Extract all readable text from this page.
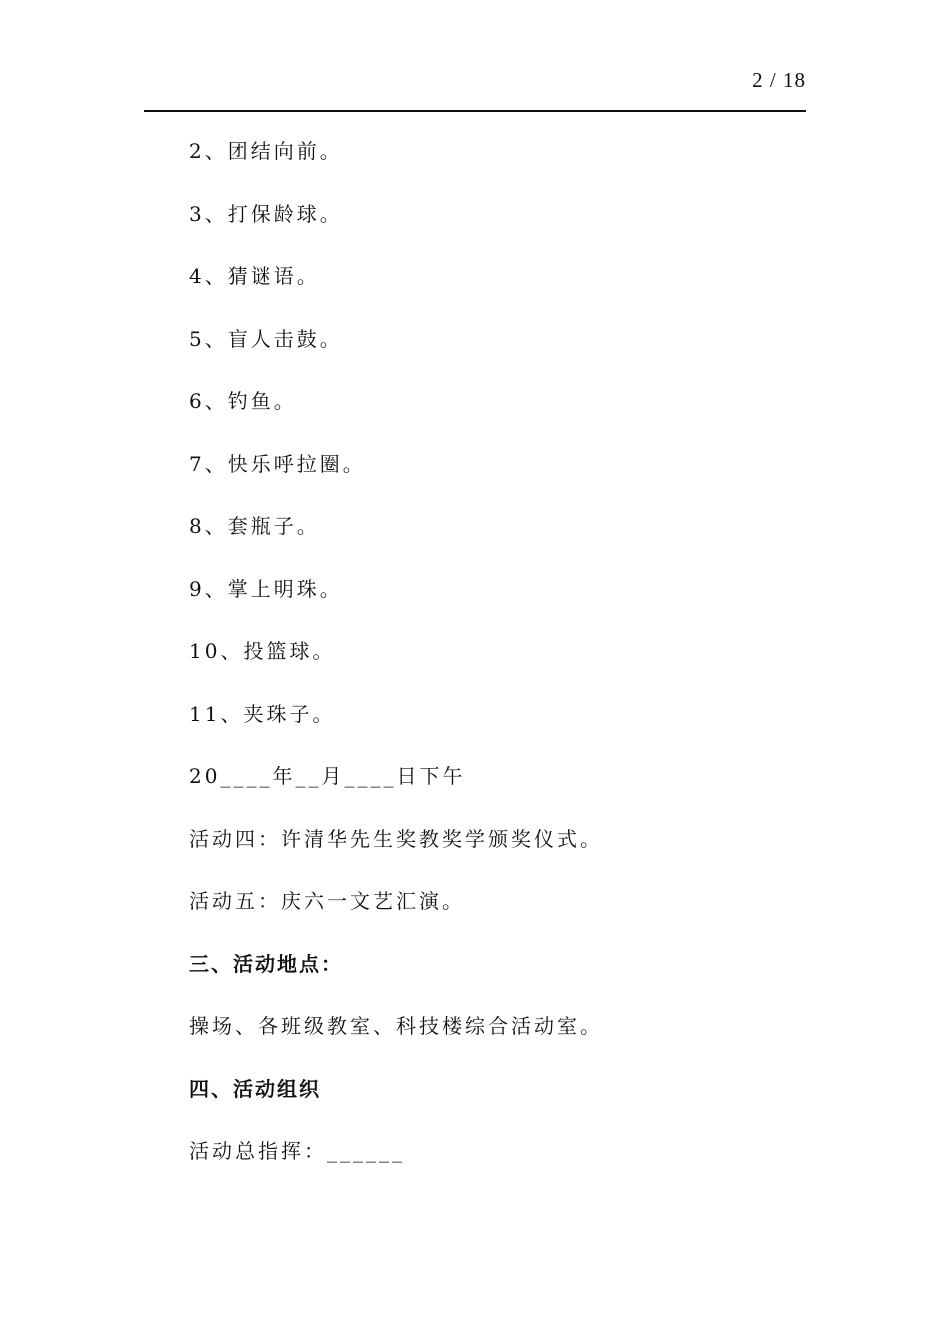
2 / 18
2、团结向前。
3、打保龄球。
4、猜谜语。
5、盲人击鼓。
6、钓鱼。
7、快乐呼拉圈。
8、套瓶子。
9、掌上明珠。
10、投篮球。
11、夹珠子。
20____年__月____日下午
活动四：许清华先生奖教奖学颁奖仪式。
活动五：庆六一文艺汇演。
三、活动地点：
操场、各班级教室、科技楼综合活动室。
四、活动组织
活动总指挥：______
